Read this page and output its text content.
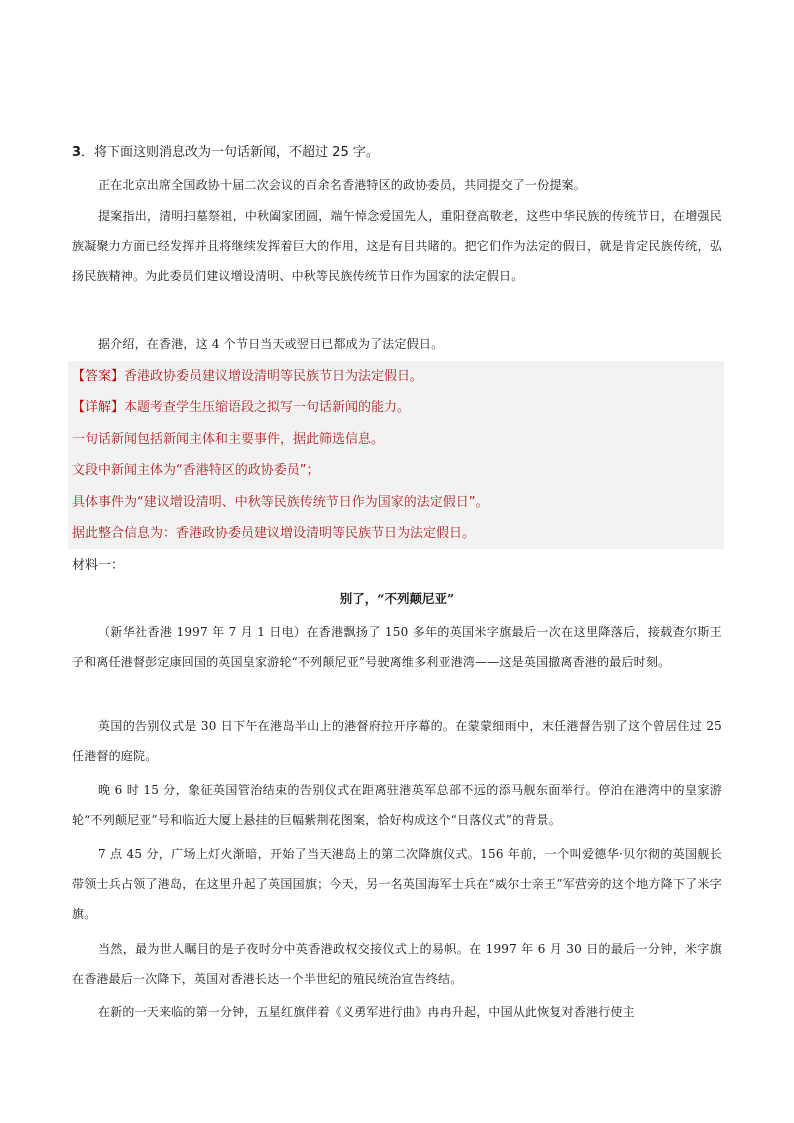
3．将下面这则消息改为一句话新闻，不超过 25 字。
正在北京出席全国政协十届二次会议的百余名香港特区的政协委员，共同提交了一份提案。
提案指出，清明扫墓祭祖，中秋阖家团圆，端午悼念爱国先人，重阳登高敬老，这些中华民族的传统节日，在增强民族凝聚力方面已经发挥并且将继续发挥着巨大的作用，这是有目共睹的。把它们作为法定的假日，就是肯定民族传统，弘扬民族精神。为此委员们建议增设清明、中秋等民族传统节日作为国家的法定假日。
据介绍，在香港，这 4 个节日当天或翌日已都成为了法定假日。
【答案】香港政协委员建议增设清明等民族节日为法定假日。
【详解】本题考查学生压缩语段之拟写一句话新闻的能力。
一句话新闻包括新闻主体和主要事件，据此筛选信息。
文段中新闻主体为“香港特区的政协委员”；
具体事件为“建议增设清明、中秋等民族传统节日作为国家的法定假日”。
据此整合信息为：香港政协委员建议增设清明等民族节日为法定假日。
材料一：
别了，“不列颠尼亚”
（新华社香港 1997 年 7 月 1 日电）在香港飘扬了 150 多年的英国米字旗最后一次在这里降落后，接载查尔斯王子和离任港督彭定康回国的英国皇家游轮“不列颠尼亚”号驶离维多利亚港湾——这是英国撤离香港的最后时刻。
英国的告别仪式是 30 日下午在港岛半山上的港督府拉开序幕的。在蒙蒙细雨中，末任港督告别了这个曾居住过 25 任港督的庭院。
晚 6 时 15 分，象征英国管治结束的告别仪式在距离驻港英军总部不远的添马舰东面举行。停泊在港湾中的皇家游轮“不列颠尼亚”号和临近大厦上悬挂的巨幅紫荆花图案，恰好构成这个“日落仪式”的背景。
7 点 45 分，广场上灯火渐暗，开始了当天港岛上的第二次降旗仪式。156 年前，一个叫爱德华·贝尔彻的英国舰长带领士兵占领了港岛，在这里升起了英国国旗；今天，另一名英国海军士兵在“威尔士亲王”军营旁的这个地方降下了米字旗。
当然，最为世人瞩目的是子夜时分中英香港政权交接仪式上的易帜。在 1997 年 6 月 30 日的最后一分钟，米字旗在香港最后一次降下，英国对香港长达一个半世纪的殖民统治宣告终结。
在新的一天来临的第一分钟，五星红旗伴着《义勇军进行曲》冉冉升起，中国从此恢复对香港行使主
